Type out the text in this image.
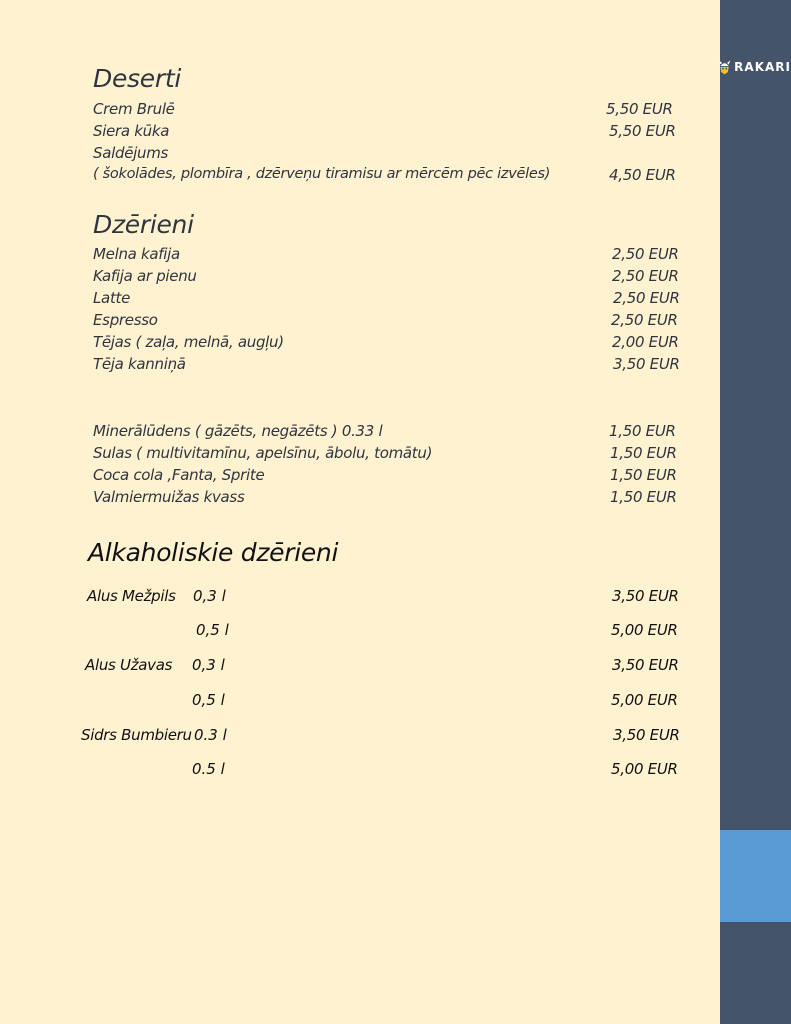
RAKARI
Deserti
Crem Brulē	5,50 EUR
Siera kūka	5,50 EUR
Saldējums
( šokolādes, plombīra , dzērveņu tiramisu ar mērcēm pēc izvēles)	4,50 EUR
Dzērieni
Melna kafija	2,50 EUR
Kafija ar pienu	2,50 EUR
Latte	2,50 EUR
Espresso	2,50 EUR
Tējas ( zaļa, melnā, augļu)	2,00 EUR
Tēja kanniņā	3,50 EUR
Minerālūdens ( gāzēts, negāzēts ) 0.33 l	1,50 EUR
Sulas ( multivitamīnu, apelsīnu, ābolu, tomātu)	1,50 EUR
Coca cola ,Fanta, Sprite	1,50 EUR
Valmiermuižas kvass	1,50 EUR
Alkaholiskie dzērieni
Alus Mežpils 0,3 l	3,50 EUR
0,5 l	5,00 EUR
Alus Užavas 0,3 l	3,50 EUR
0,5 l	5,00 EUR
Sidrs Bumbieru 0.3 l	3,50 EUR
0.5 l	5,00 EUR
